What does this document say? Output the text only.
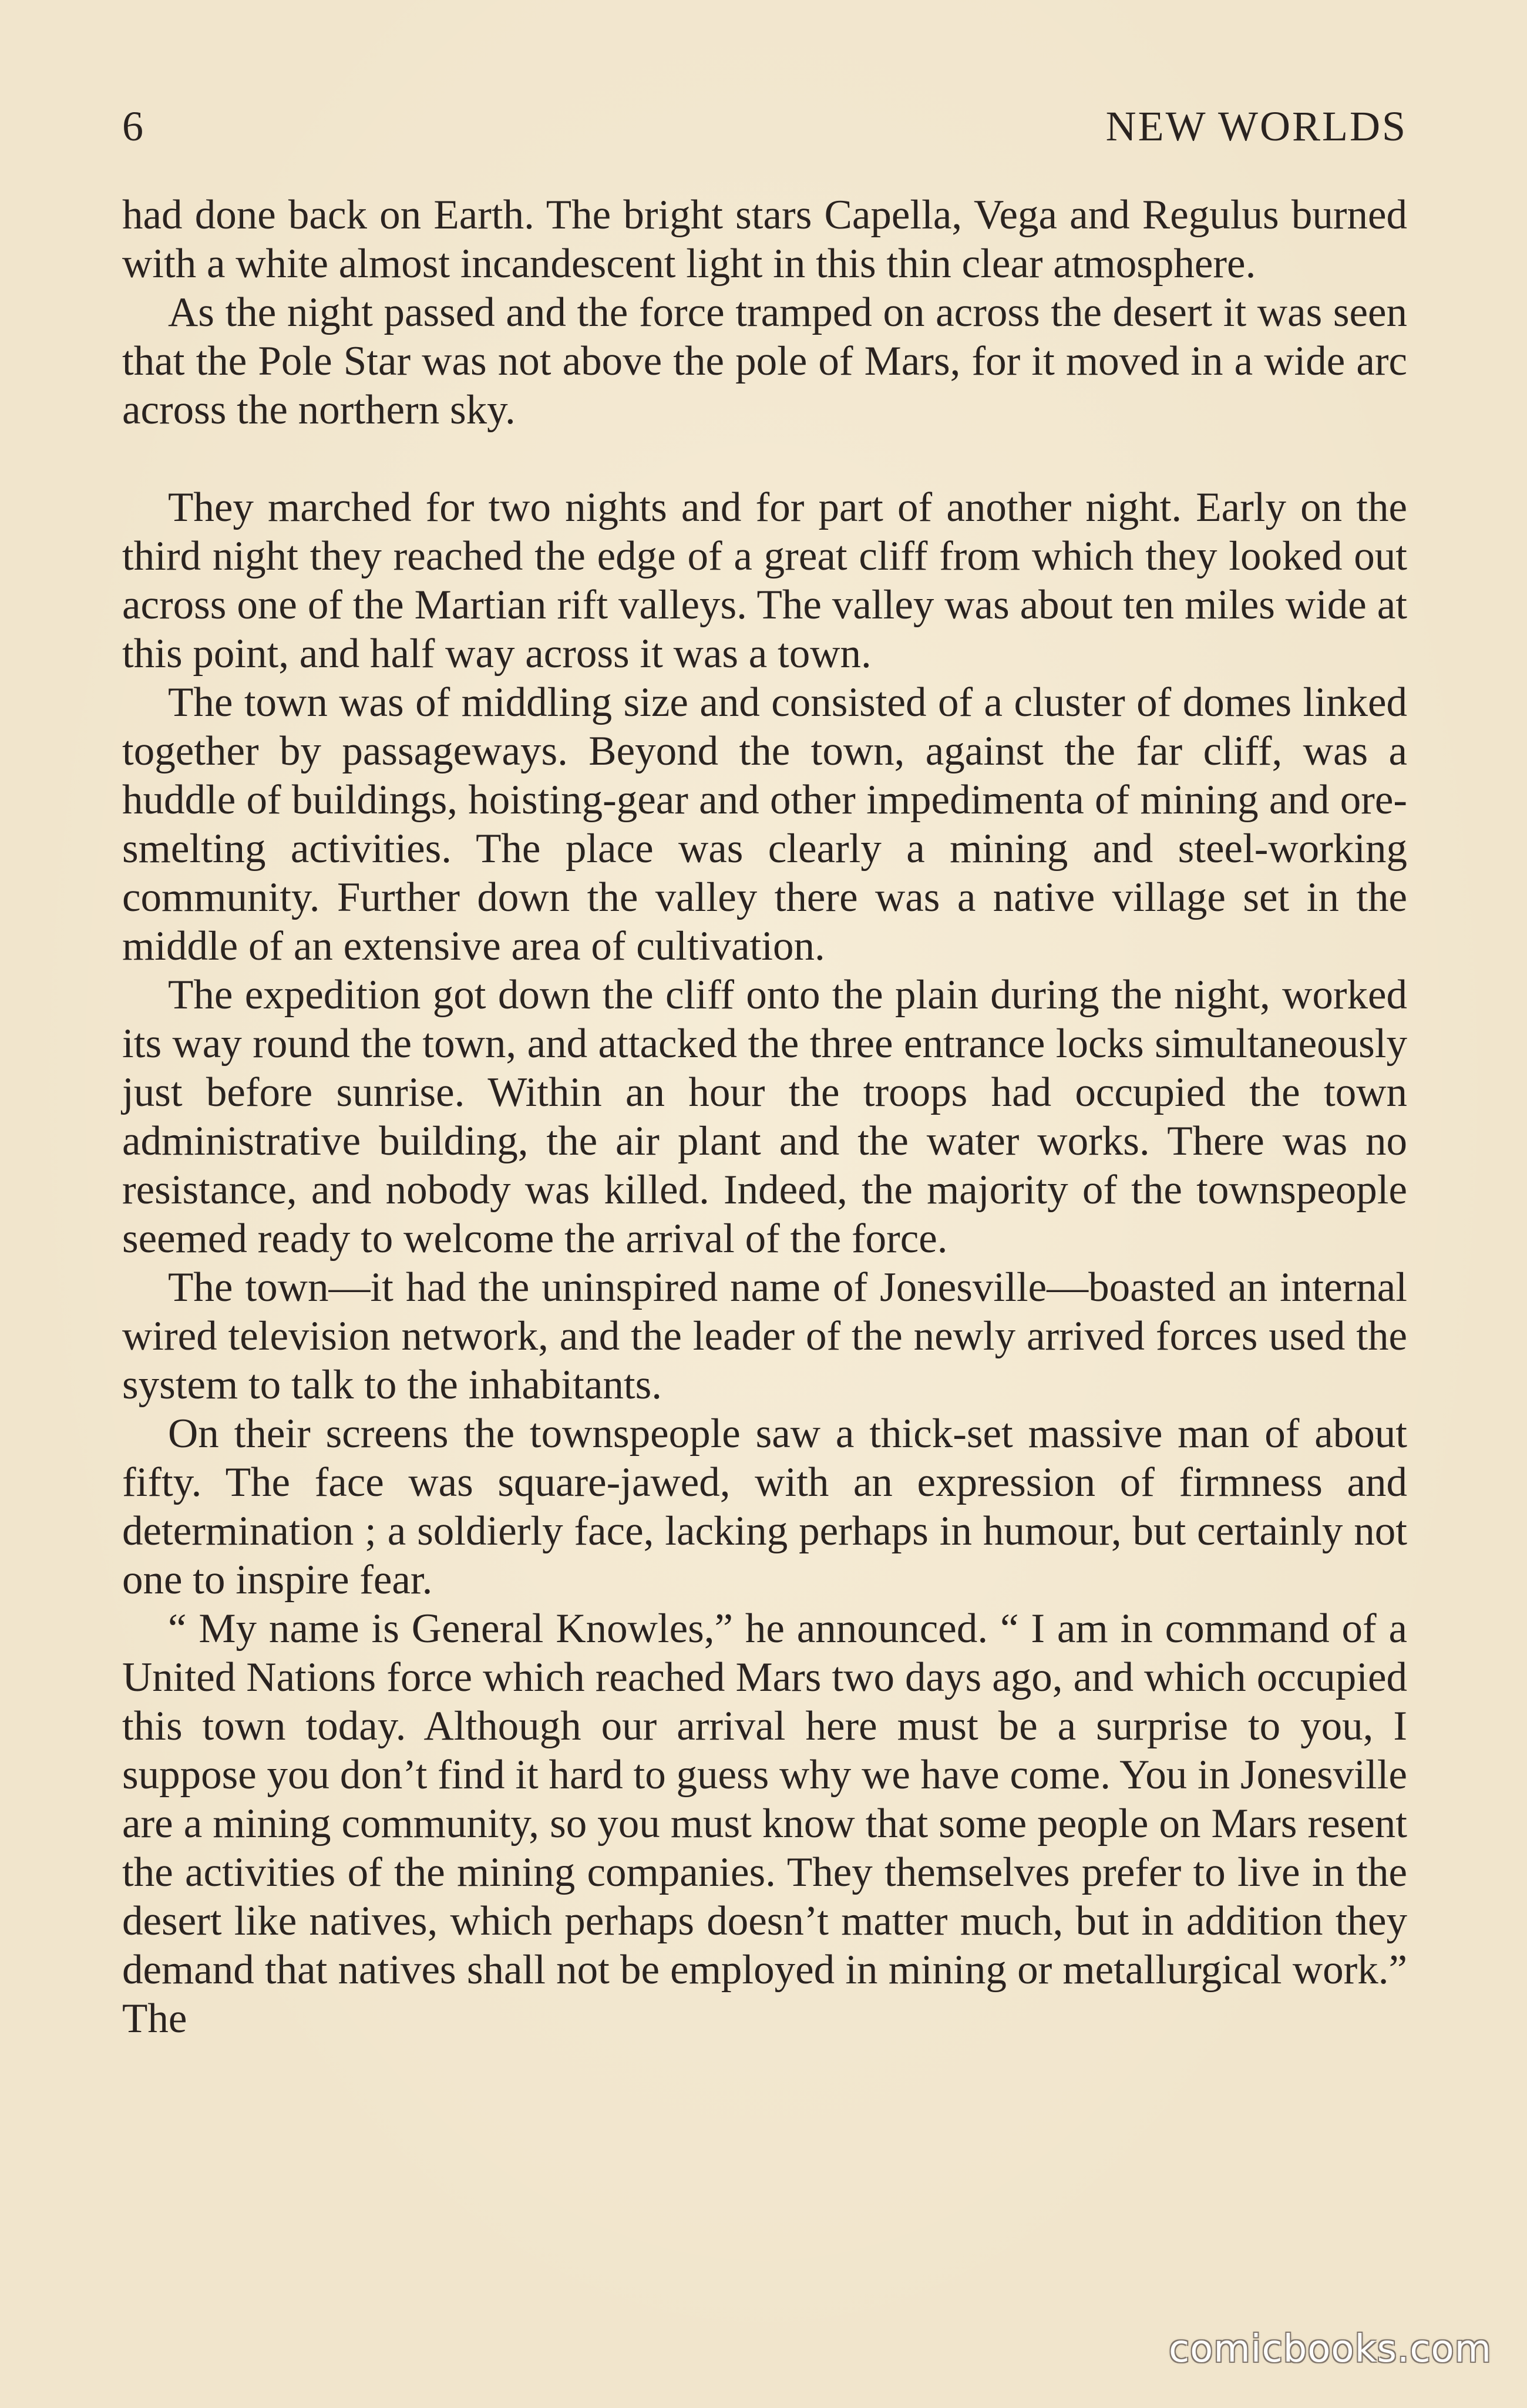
6	NEW WORLDS

had done back on Earth. The bright stars Capella, Vega and Regulus burned with a white almost incandescent light in this thin clear atmosphere.

As the night passed and the force tramped on across the desert it was seen that the Pole Star was not above the pole of Mars, for it moved in a wide arc across the northern sky.

They marched for two nights and for part of another night. Early on the third night they reached the edge of a great cliff from which they looked out across one of the Martian rift valleys. The valley was about ten miles wide at this point, and half way across it was a town.

The town was of middling size and consisted of a cluster of domes linked together by passageways. Beyond the town, against the far cliff, was a huddle of buildings, hoisting-gear and other impedimenta of mining and ore-smelting activities. The place was clearly a mining and steel-working community. Further down the valley there was a native village set in the middle of an extensive area of cultivation.

The expedition got down the cliff onto the plain during the night, worked its way round the town, and attacked the three entrance locks simultaneously just before sunrise. Within an hour the troops had occupied the town administrative building, the air plant and the water works. There was no resistance, and nobody was killed. Indeed, the majority of the townspeople seemed ready to welcome the arrival of the force.

The town—it had the uninspired name of Jonesville—boasted an internal wired television network, and the leader of the newly arrived forces used the system to talk to the inhabitants.

On their screens the townspeople saw a thick-set massive man of about fifty. The face was square-jawed, with an expression of firmness and determination ; a soldierly face, lacking perhaps in humour, but certainly not one to inspire fear.

“ My name is General Knowles,” he announced. “ I am in command of a United Nations force which reached Mars two days ago, and which occupied this town today. Although our arrival here must be a surprise to you, I suppose you don’t find it hard to guess why we have come. You in Jonesville are a mining community, so you must know that some people on Mars resent the activities of the mining companies. They themselves prefer to live in the desert like natives, which perhaps doesn’t matter much, but in addition they demand that natives shall not be employed in mining or metallurgical work.” The

comicbooks.com
